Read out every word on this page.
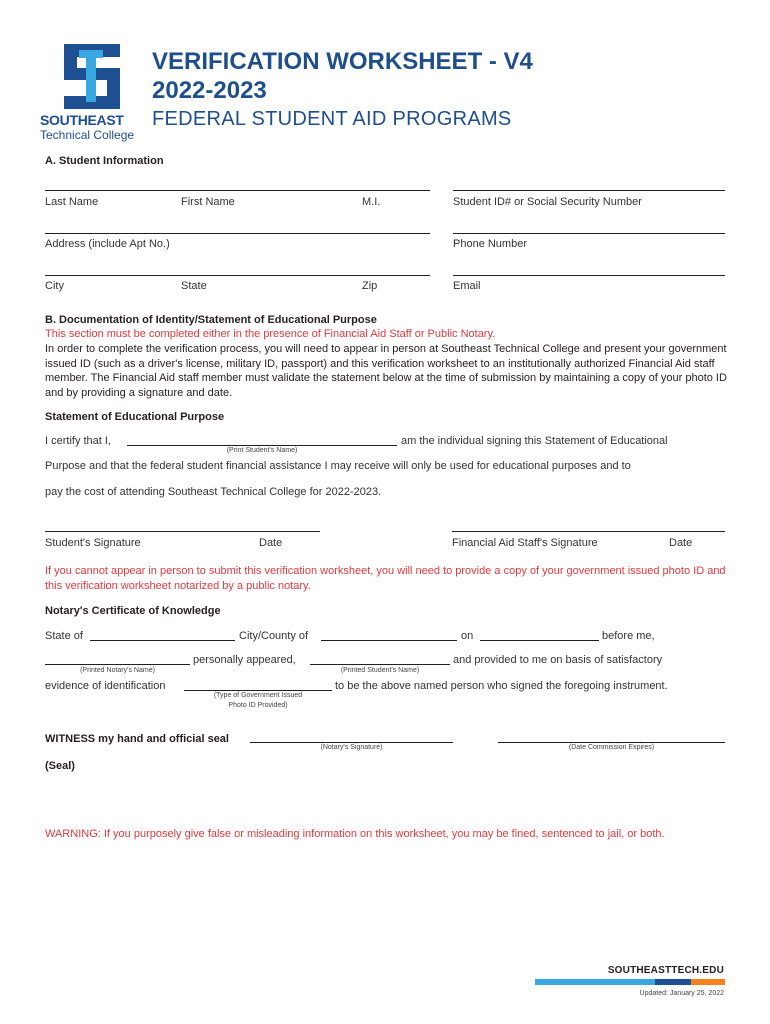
SOUTHEAST
Technical College
VERIFICATION WORKSHEET - V4
2022-2023
FEDERAL STUDENT AID PROGRAMS
A. Student Information
Last Name	First Name	M.I.	Student ID# or Social Security Number
Address (include Apt No.)	Phone Number
City	State	Zip	Email
B. Documentation of Identity/Statement of Educational Purpose
This section must be completed either in the presence of Financial Aid Staff or Public Notary.
In order to complete the verification process, you will need to appear in person at Southeast Technical College and present your government issued ID (such as a driver's license, military ID, passport) and this verification worksheet to an institutionally authorized Financial Aid staff member. The Financial Aid staff member must validate the statement below at the time of submission by maintaining a copy of your photo ID and by providing a signature and date.
Statement of Educational Purpose
I certify that I,	am the individual signing this Statement of Educational
(Print Student's Name)
Purpose and that the federal student financial assistance I may receive will only be used for educational purposes and to
pay the cost of attending Southeast Technical College for 2022-2023.
Student's Signature	Date	Financial Aid Staff's Signature	Date
If you cannot appear in person to submit this verification worksheet, you will need to provide a copy of your government issued photo ID and this verification worksheet notarized by a public notary.
Notary's Certificate of Knowledge
State of	City/County of	on	before me,
personally appeared,	and provided to me on basis of satisfactory
(Printed Notary's Name)	(Printed Student's Name)
evidence of identification	to be the above named person who signed the foregoing instrument.
(Type of Government Issued
Photo ID Provided)
WITNESS my hand and official seal
(Notary's Signature)	(Date Commission Expires)
(Seal)
WARNING: If you purposely give false or misleading information on this worksheet, you may be fined, sentenced to jail, or both.
SOUTHEASTTECH.EDU
Updated: January 25, 2022
